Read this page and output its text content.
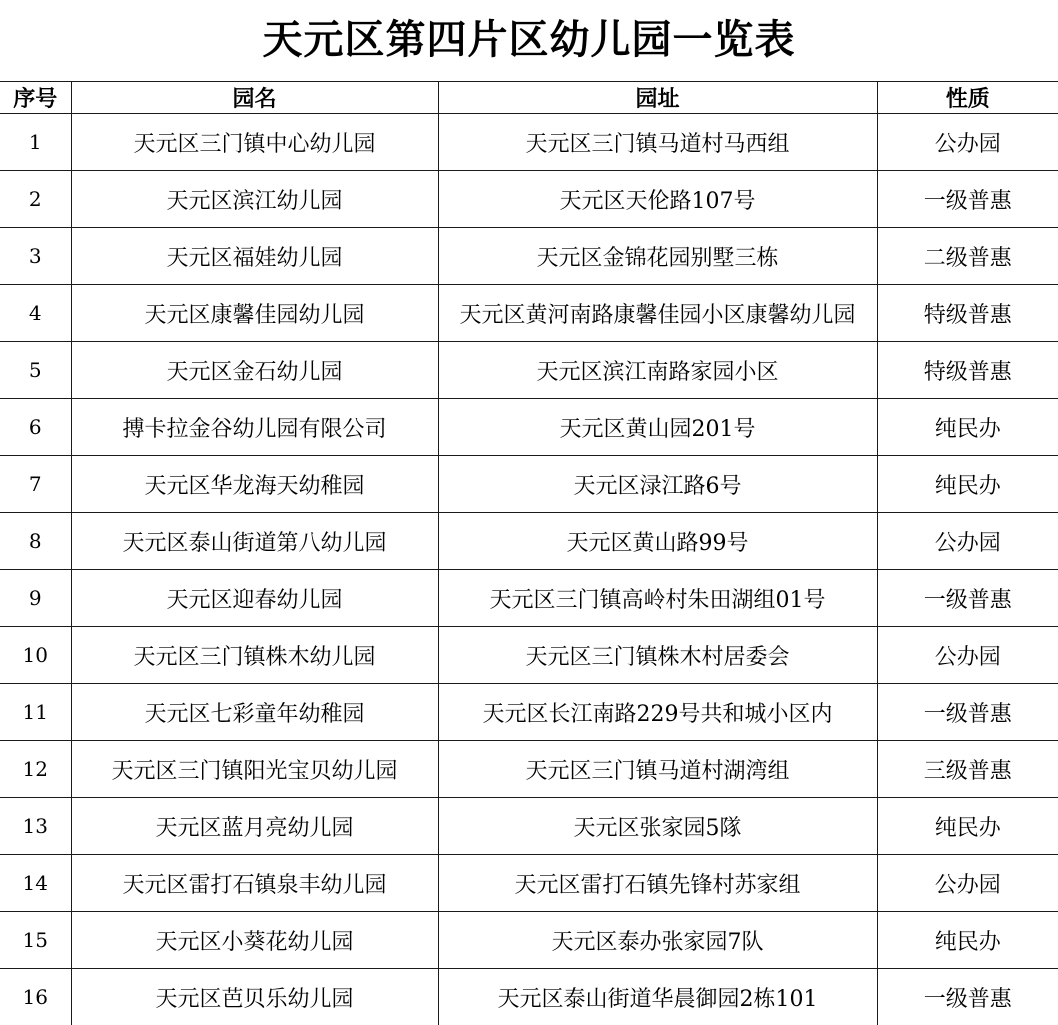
天元区第四片区幼儿园一览表
序号	园名	园址	性质
1	天元区三门镇中心幼儿园	天元区三门镇马道村马西组	公办园
2	天元区滨江幼儿园	天元区天伦路107号	一级普惠
3	天元区福娃幼儿园	天元区金锦花园别墅三栋	二级普惠
4	天元区康馨佳园幼儿园	天元区黄河南路康馨佳园小区康馨幼儿园	特级普惠
5	天元区金石幼儿园	天元区滨江南路家园小区	特级普惠
6	搏卡拉金谷幼儿园有限公司	天元区黄山园201号	纯民办
7	天元区华龙海天幼稚园	天元区渌江路6号	纯民办
8	天元区泰山街道第八幼儿园	天元区黄山路99号	公办园
9	天元区迎春幼儿园	天元区三门镇高岭村朱田湖组01号	一级普惠
10	天元区三门镇株木幼儿园	天元区三门镇株木村居委会	公办园
11	天元区七彩童年幼稚园	天元区长江南路229号共和城小区内	一级普惠
12	天元区三门镇阳光宝贝幼儿园	天元区三门镇马道村湖湾组	三级普惠
13	天元区蓝月亮幼儿园	天元区张家园5隊	纯民办
14	天元区雷打石镇泉丰幼儿园	天元区雷打石镇先锋村苏家组	公办园
15	天元区小葵花幼儿园	天元区泰办张家园7队	纯民办
16	天元区芭贝乐幼儿园	天元区泰山街道华晨御园2栋101	一级普惠
